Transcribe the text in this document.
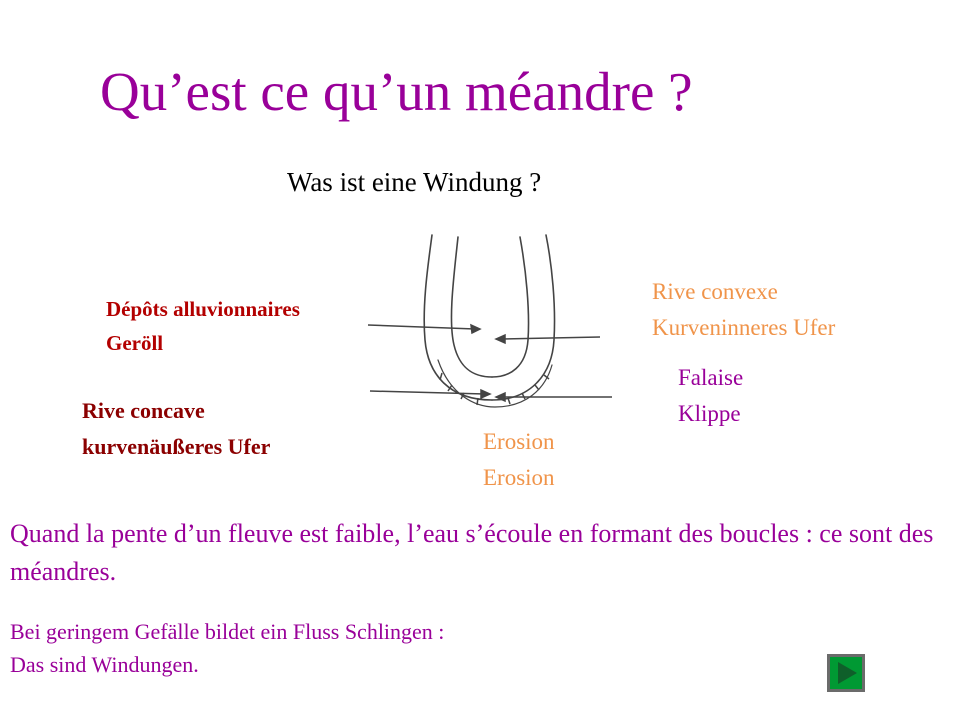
Qu’est ce qu’un méandre ?
Was ist eine Windung ?
Dépôts alluvionnaires
Geröll
Rive concave
kurvenäußeres Ufer
Rive convexe
Kurveninneres Ufer
Falaise
Klippe
Erosion
Erosion
Quand la pente d’un fleuve est faible, l’eau s’écoule en formant des boucles : ce sont des méandres.
Bei geringem Gefälle bildet ein Fluss Schlingen :
Das sind Windungen.
